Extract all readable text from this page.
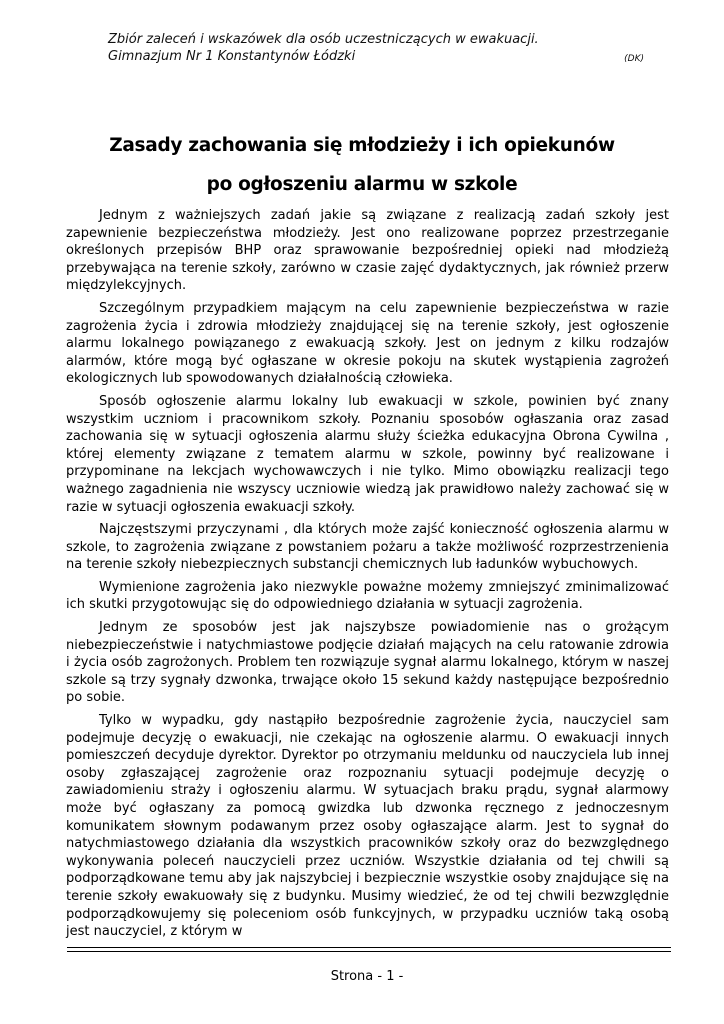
Zbiór zaleceń i wskazówek dla osób uczestniczących w ewakuacji.
Gimnazjum Nr 1 Konstantynów Łódzki	(DK)
Zasady zachowania się młodzieży i ich opiekunów
po ogłoszeniu alarmu w szkole

Jednym z ważniejszych zadań jakie są związane z realizacją zadań szkoły jest zapewnienie bezpieczeństwa młodzieży. Jest ono realizowane poprzez przestrzeganie określonych przepisów BHP oraz sprawowanie bezpośredniej opieki nad młodzieżą przebywająca na terenie szkoły, zarówno w czasie zajęć dydaktycznych, jak również przerw międzylekcyjnych.

Szczególnym przypadkiem mającym na celu zapewnienie bezpieczeństwa w razie zagrożenia życia i zdrowia młodzieży znajdującej się na terenie szkoły, jest ogłoszenie alarmu lokalnego powiązanego z ewakuacją szkoły. Jest on jednym z kilku rodzajów alarmów, które mogą być ogłaszane w okresie pokoju na skutek wystąpienia zagrożeń ekologicznych lub spowodowanych działalnością człowieka.

Sposób ogłoszenie alarmu lokalny lub ewakuacji w szkole, powinien być znany wszystkim uczniom i pracownikom szkoły. Poznaniu sposobów ogłaszania oraz zasad zachowania się w sytuacji ogłoszenia alarmu służy ścieżka edukacyjna Obrona Cywilna , której elementy związane z tematem alarmu w szkole, powinny być realizowane i przypominane na lekcjach wychowawczych i nie tylko. Mimo obowiązku realizacji tego ważnego zagadnienia nie wszyscy uczniowie wiedzą jak prawidłowo należy zachować się w razie w sytuacji ogłoszenia ewakuacji szkoły.

Najczęstszymi przyczynami , dla których może zajść konieczność ogłoszenia alarmu w szkole, to zagrożenia związane z powstaniem pożaru a także możliwość rozprzestrzenienia na terenie szkoły niebezpiecznych substancji chemicznych lub ładunków wybuchowych.

Wymienione zagrożenia jako niezwykle poważne możemy zmniejszyć zminimalizować ich skutki przygotowując się do odpowiedniego działania w sytuacji zagrożenia.

Jednym ze sposobów jest jak najszybsze powiadomienie nas o grożącym niebezpieczeństwie i natychmiastowe podjęcie działań mających na celu ratowanie zdrowia i życia osób zagrożonych. Problem ten rozwiązuje sygnał alarmu lokalnego, którym w naszej szkole są trzy sygnały dzwonka, trwające około 15 sekund każdy następujące bezpośrednio po sobie.

Tylko w wypadku, gdy nastąpiło bezpośrednie zagrożenie życia, nauczyciel sam podejmuje decyzję o ewakuacji, nie czekając na ogłoszenie alarmu. O ewakuacji innych pomieszczeń decyduje dyrektor. Dyrektor po otrzymaniu meldunku od nauczyciela lub innej osoby zgłaszającej zagrożenie oraz rozpoznaniu sytuacji podejmuje decyzję o zawiadomieniu straży i ogłoszeniu alarmu. W sytuacjach braku prądu, sygnał alarmowy może być ogłaszany za pomocą gwizdka lub dzwonka ręcznego z jednoczesnym komunikatem słownym podawanym przez osoby ogłaszające alarm. Jest to sygnał do natychmiastowego działania dla wszystkich pracowników szkoły oraz do bezwzględnego wykonywania poleceń nauczycieli przez uczniów. Wszystkie działania od tej chwili są podporządkowane temu aby jak najszybciej i bezpiecznie wszystkie osoby znajdujące się na terenie szkoły ewakuowały się z budynku. Musimy wiedzieć, że od tej chwili bezwzględnie podporządkowujemy się poleceniom osób funkcyjnych, w przypadku uczniów taką osobą jest nauczyciel, z którym w

Strona - 1 -
